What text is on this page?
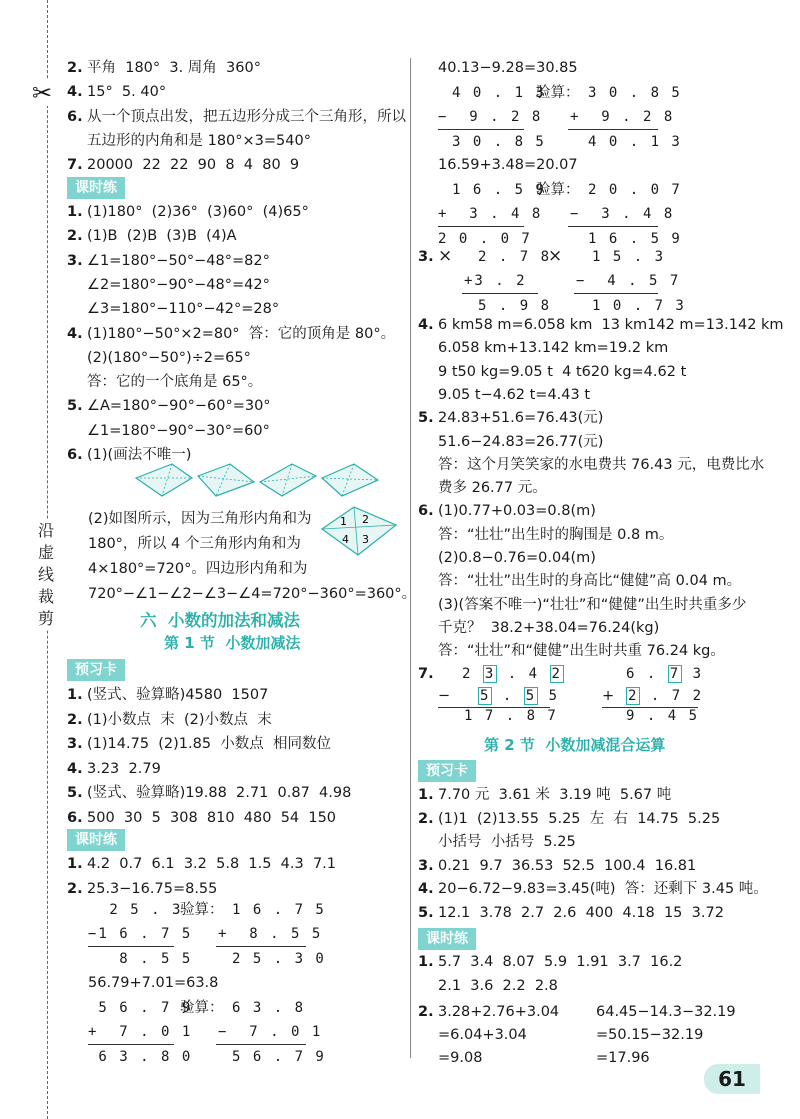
✂
沿虚线裁剪
2. 平角  180°  3. 周角  360°
4. 15°  5. 40°
6. 从一个顶点出发，把五边形分成三个三角形，所以
五边形的内角和是 180°×3=540°
7. 20000  22  22  90  8  4  80  9
课时练
1. (1)180°  (2)36°  (3)60°  (4)65°
2. (1)B  (2)B  (3)B  (4)A
3. ∠1=180°−50°−48°=82°
∠2=180°−90°−48°=42°
∠3=180°−110°−42°=28°
4. (1)180°−50°×2=80°  答：它的顶角是 80°。
(2)(180°−50°)÷2=65°
答：它的一个底角是 65°。
5. ∠A=180°−90°−60°=30°
∠1=180°−90°−30°=60°
6. (1)(画法不唯一)
(2)如图所示，因为三角形内角和为
180°，所以 4 个三角形内角和为
4×180°=720°。四边形内角和为
720°−∠1−∠2−∠3−∠4=720°−360°=360°。
1 2
4 3
六  小数的加法和减法
第 1 节  小数加减法
预习卡
1. (竖式、验算略)4580  1507
2. (1)小数点  末  (2)小数点  末
3. (1)14.75  (2)1.85  小数点  相同数位
4. 3.23  2.79
5. (竖式、验算略)19.88  2.71  0.87  4.98
6. 500  30  5  308  810  480  54  150
课时练
1. 4.2  0.7  6.1  3.2  5.8  1.5  4.3  7.1
2. 25.3−16.75=8.55
2 5 . 3
−1 6 . 7 5
8 . 5 5
验算： 1 6 . 7 5
+  8 . 5 5
2 5 . 3 0
56.79+7.01=63.8
5 6 . 7 9
+  7 . 0 1
6 3 . 8 0
验算： 6 3 . 8
−  7 . 0 1
5 6 . 7 9
40.13−9.28=30.85
4 0 . 1 3
−  9 . 2 8
3 0 . 8 5
验算： 3 0 . 8 5
+  9 . 2 8
4 0 . 1 3
16.59+3.48=20.07
1 6 . 5 9
+  3 . 4 8
2 0 . 0 7
验算： 2 0 . 0 7
−  3 . 4 8
1 6 . 5 9
3. × 2 . 7 8
+3 . 2
5 . 9 8
× 1 5 . 3
−  4 . 5 7
1 0 . 7 3
4. 6 km58 m=6.058 km  13 km142 m=13.142 km
6.058 km+13.142 km=19.2 km
9 t50 kg=9.05 t  4 t620 kg=4.62 t
9.05 t−4.62 t=4.43 t
5. 24.83+51.6=76.43(元)
51.6−24.83=26.77(元)
答：这个月笑笑家的水电费共 76.43 元，电费比水
费多 26.77 元。
6. (1)0.77+0.03=0.8(m)
答：“壮壮”出生时的胸围是 0.8 m。
(2)0.8−0.76=0.04(m)
答：“壮壮”出生时的身高比“健健”高 0.04 m。
(3)(答案不唯一)“壮壮”和“健健”出生时共重多少
千克？  38.2+38.04=76.24(kg)
答：“壮壮”和“健健”出生时共重 76.24 kg。
7. 2 3 . 4 2
− 5 . 5 5
1 7 . 8 7
6 . 7 3
+ 2 . 7 2
9 . 4 5
第 2 节  小数加减混合运算
预习卡
1. 7.70 元  3.61 米  3.19 吨  5.67 吨
2. (1)1  (2)13.55  5.25  左  右  14.75  5.25
小括号  小括号  5.25
3. 0.21  9.7  36.53  52.5  100.4  16.81
4. 20−6.72−9.83=3.45(吨)  答：还剩下 3.45 吨。
5. 12.1  3.78  2.7  2.6  400  4.18  15  3.72
课时练
1. 5.7  3.4  8.07  5.9  1.91  3.7  16.2
2.1  3.6  2.2  2.8
2. 3.28+2.76+3.04
=6.04+3.04
=9.08
64.45−14.3−32.19
=50.15−32.19
=17.96
61
